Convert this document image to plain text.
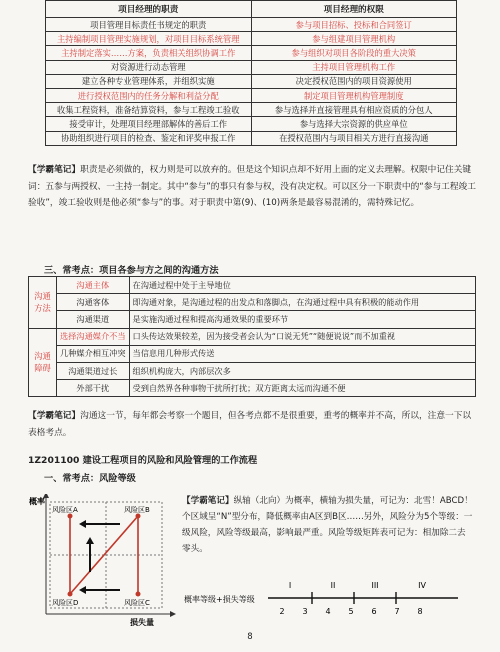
项目经理的职责	项目经理的权限
项目管理目标责任书规定的职责	参与项目招标、投标和合同签订
主持编制项目管理实施规划，对项目目标系统管理	参与组建项目管理机构
主持制定落实……方案，负责相关组织协调工作	参与组织对项目各阶段的重大决策
对资源进行动态管理	主持项目管理机构工作
建立各种专业管理体系，并组织实施	决定授权范围内的项目资源使用
进行授权范围内的任务分解和利益分配	制定项目管理机构管理制度
收集工程资料，准备结算资料，参与工程竣工验收	参与选择并直接管理具有相应资质的分包人
接受审计，处理项目经理部解体的善后工作	参与选择大宗资源的供应单位
协助组织进行项目的检查、鉴定和评奖申报工作	在授权范围内与项目相关方进行直接沟通
【学霸笔记】职责是必须做的，权力则是可以放弃的。但是这个知识点却不好用上面的定义去理解。权限中记住关键词：五参与两授权、一主持一制定。其中“参与”的事只有参与权，没有决定权。可以区分一下职责中的“参与工程竣工验收”，竣工验收则是他必须“参与”的事。对于职责中第(9)、(10)两条是最容易混淆的，需特殊记忆。
三、常考点：项目各参与方之间的沟通方法
沟通方法	沟通主体	在沟通过程中处于主导地位
	沟通客体	即沟通对象，是沟通过程的出发点和落脚点，在沟通过程中具有积极的能动作用
	沟通渠道	是实施沟通过程和提高沟通效果的重要环节
沟通障碍	选择沟通媒介不当	口头传达效果较差，因为接受者会认为“口说无凭”“随便说说”而不加重视
	几种媒介相互冲突	当信息用几种形式传送
	沟通渠道过长	组织机构庞大，内部层次多
	外部干扰	受到自然界各种事物干扰所打扰；双方距离太远而沟通不便
【学霸笔记】沟通这一节，每年都会考察一个题目，但各考点都不是很重要，重考的概率并不高，所以，注意一下以表格考点。
1Z201100 建设工程项目的风险和风险管理的工作流程
一、常考点：风险等级
概率
损失量
风险区A	风险区B
风险区C
风险区D
【学霸笔记】纵轴（北向）为概率，横轴为损失量，可记为：北雪！ABCD！个区域呈“N”型分布，降低概率由A区到B区……另外，风险分为5个等级：一级风险，风险等级最高，影响最严重。风险等级矩阵表可记为：相加除二去零头。
概率等级+损失等级
I	II	III	IV
2 3 4 5 6 7 8
8
